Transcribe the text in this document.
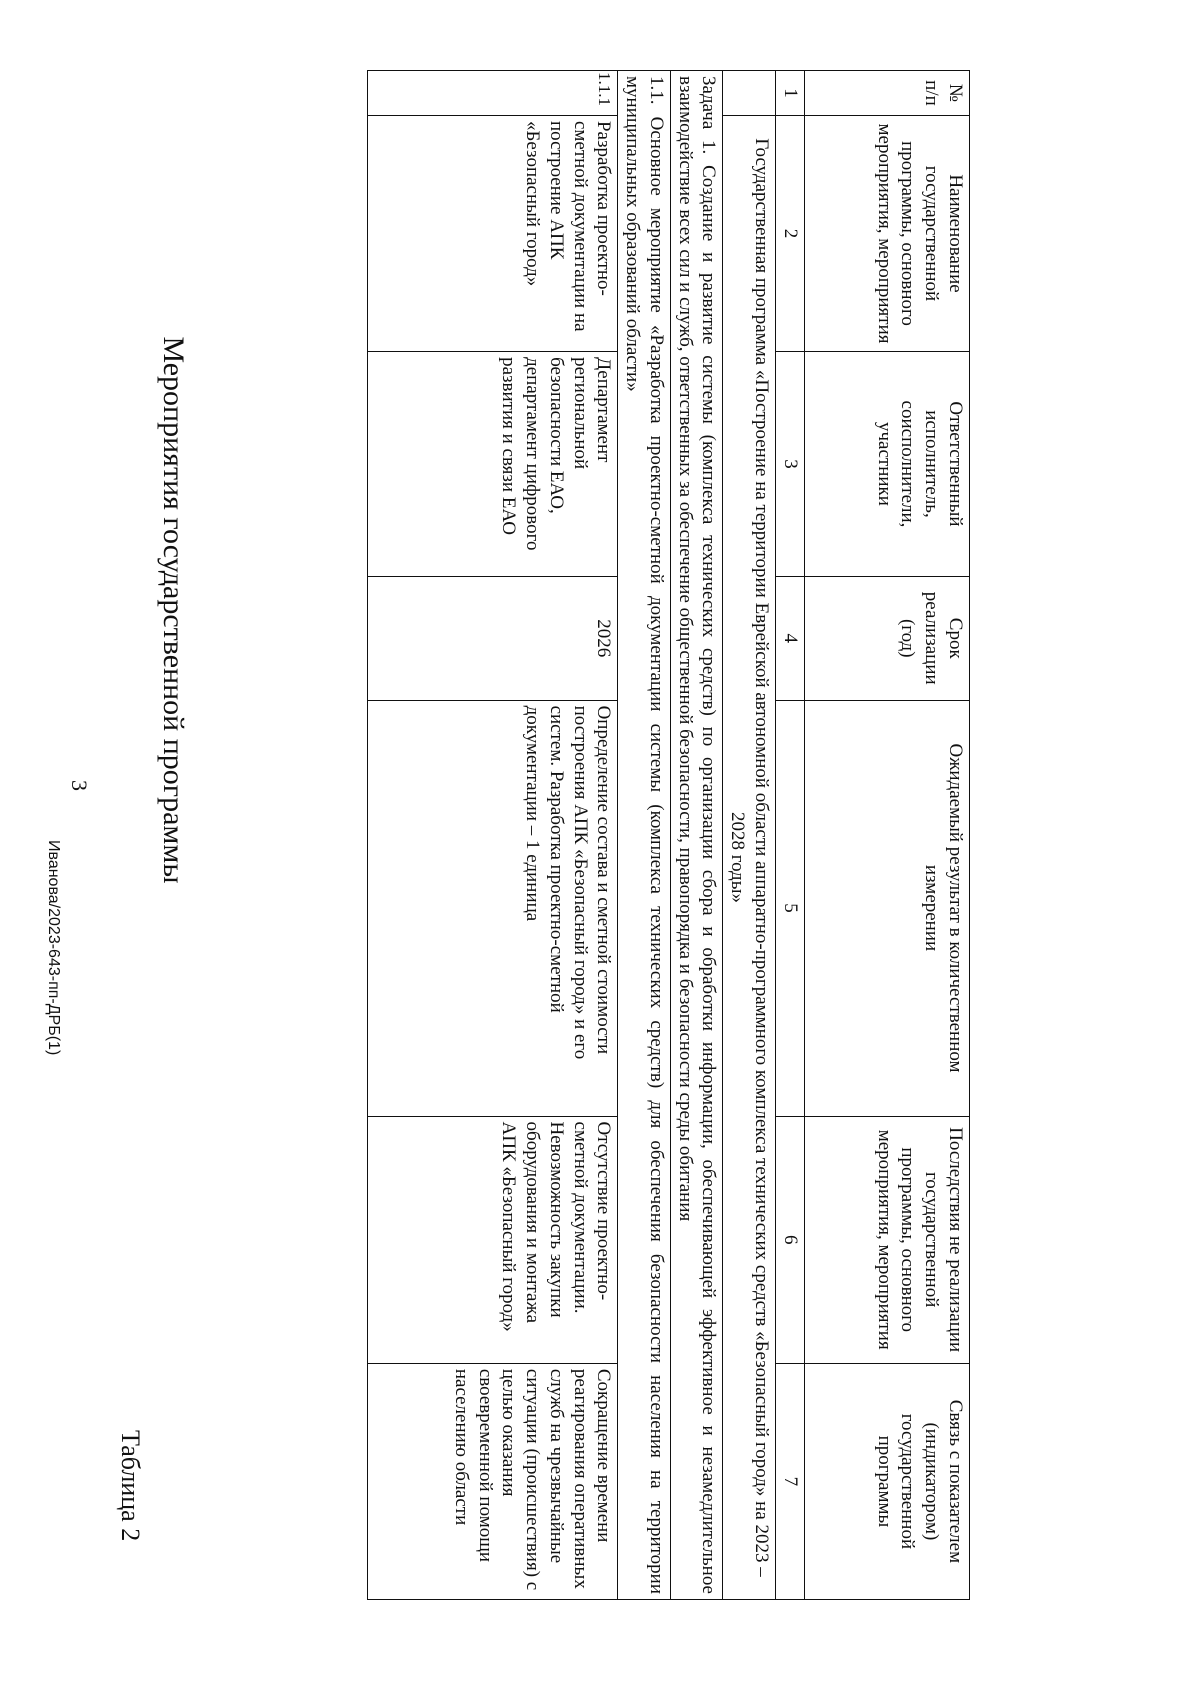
Таблица 2
Мероприятия государственной программы
3
Иванова/2023-643-пп-ДРБ(1)
№ п/п	Наименование государственной программы, основного мероприятия, мероприятия	Ответственный исполнитель, соисполнители, участники	Срок реализации (год)	Ожидаемый результат в количественном измерении	Последствия не реализации государственной программы, основного мероприятия, мероприятия	Связь с показателем (индикатором) государственной программы
1	2	3	4	5	6	7
	Государственная программа «Построение на территории Еврейской автономной области аппаратно-программного комплекса технических средств «Безопасный город» на 2023 – 2028 годы»					
Задача 1. Создание и развитие системы (комплекса технических средств) по организации сбора и обработки информации, обеспечивающей эффективное и незамедлительное взаимодействие всех сил и служб, ответственных за обеспечение общественной безопасности, правопорядка и безопасности среды обитания						
1.1. Основное мероприятие «Разработка проектно-сметной документации системы (комплекса технических средств) для обеспечения безопасности населения на территории муниципальных образований области»						
1.1.1	Разработка проектно-сметной документации на построение АПК «Безопасный город»	Департамент региональной безопасности ЕАО, департамент цифрового развития и связи ЕАО	2026	Определение состава и сметной стоимости построения АПК «Безопасный город» и его систем. Разработка проектно-сметной документации – 1 единица	Отсутствие проектно-сметной документации. Невозможность закупки оборудования и монтажа АПК «Безопасный город»	Сокращение времени реагирования оперативных служб на чрезвычайные ситуации (происшествия) с целью оказания своевременной помощи населению области
